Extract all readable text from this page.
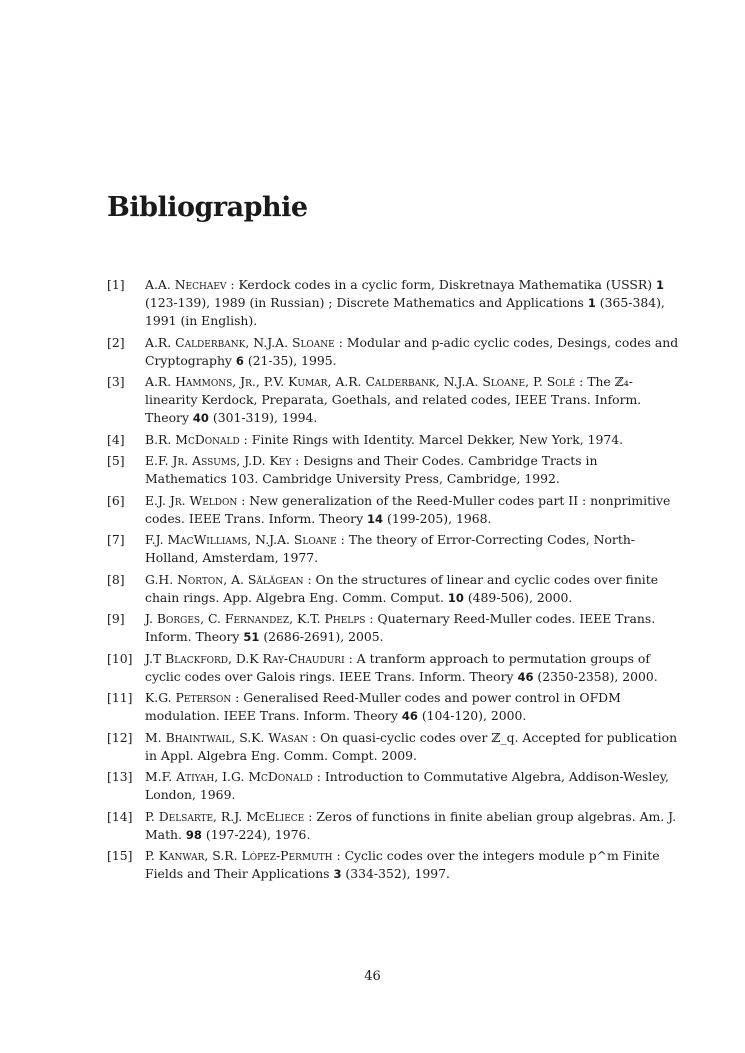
Bibliographie
[1]	A.A. Nechaev : Kerdock codes in a cyclic form, Diskretnaya Mathematika (USSR) 1 (123-139), 1989 (in Russian) ; Discrete Mathematics and Applications 1 (365-384), 1991 (in English).
[2]	A.R. Calderbank, N.J.A. Sloane : Modular and p-adic cyclic codes, Desings, codes and Cryptography 6 (21-35), 1995.
[3]	A.R. Hammons, Jr., P.V. Kumar, A.R. Calderbank, N.J.A. Sloane, P. Solé : The ℤ₄-linearity Kerdock, Preparata, Goethals, and related codes, IEEE Trans. Inform. Theory 40 (301-319), 1994.
[4]	B.R. McDonald : Finite Rings with Identity. Marcel Dekker, New York, 1974.
[5]	E.F. Jr. Assums, J.D. Key : Designs and Their Codes. Cambridge Tracts in Mathematics 103. Cambridge University Press, Cambridge, 1992.
[6]	E.J. Jr. Weldon : New generalization of the Reed-Muller codes part II : nonprimitive codes. IEEE Trans. Inform. Theory 14 (199-205), 1968.
[7]	F.J. MacWilliams, N.J.A. Sloane : The theory of Error-Correcting Codes, North-Holland, Amsterdam, 1977.
[8]	G.H. Norton, A. Sălăgean : On the structures of linear and cyclic codes over finite chain rings. App. Algebra Eng. Comm. Comput. 10 (489-506), 2000.
[9]	J. Borges, C. Fernandez, K.T. Phelps : Quaternary Reed-Muller codes. IEEE Trans. Inform. Theory 51 (2686-2691), 2005.
[10]	J.T Blackford, D.K Ray-Chauduri : A tranform approach to permutation groups of cyclic codes over Galois rings. IEEE Trans. Inform. Theory 46 (2350-2358), 2000.
[11]	K.G. Peterson : Generalised Reed-Muller codes and power control in OFDM modulation. IEEE Trans. Inform. Theory 46 (104-120), 2000.
[12]	M. Bhaintwail, S.K. Wasan : On quasi-cyclic codes over ℤ_q. Accepted for publication in Appl. Algebra Eng. Comm. Compt. 2009.
[13]	M.F. Atiyah, I.G. McDonald : Introduction to Commutative Algebra, Addison-Wesley, London, 1969.
[14]	P. Delsarte, R.J. McEliece : Zeros of functions in finite abelian group algebras. Am. J. Math. 98 (197-224), 1976.
[15]	P. Kanwar, S.R. López-Permuth : Cyclic codes over the integers module p^m Finite Fields and Their Applications 3 (334-352), 1997.
46
